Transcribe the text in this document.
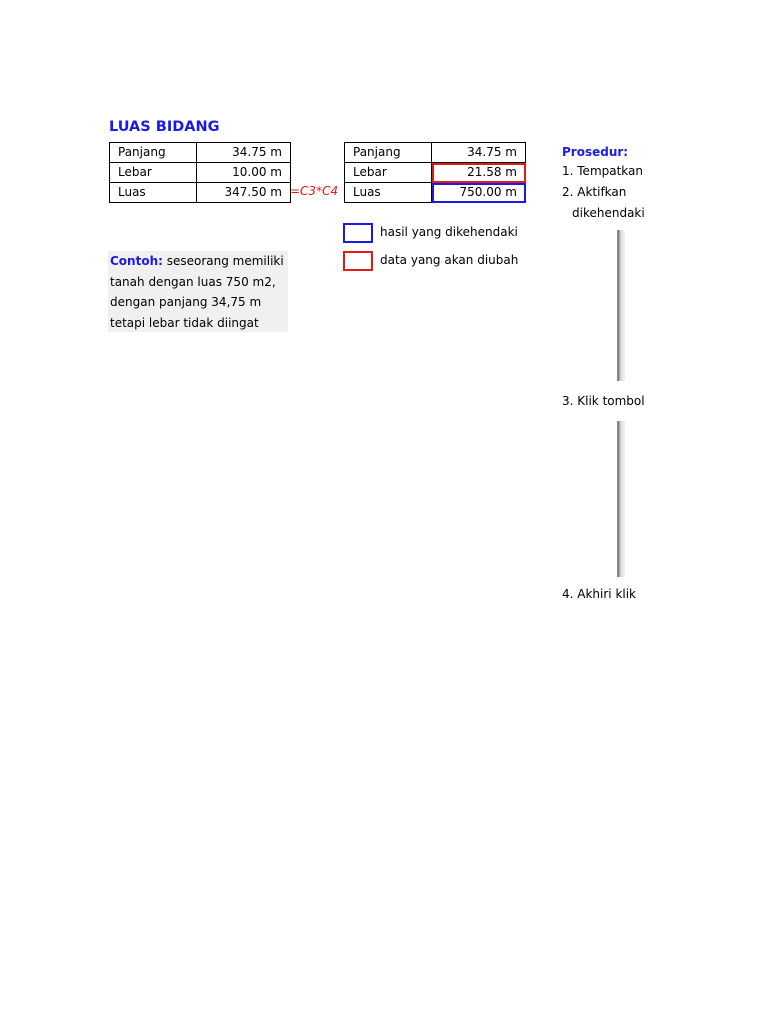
LUAS BIDANG
Panjang	34.75 m
Lebar	10.00 m
Luas	347.50 m =C3*C4
Panjang	34.75 m
Lebar	21.58 m
Luas	750.00 m
hasil yang dikehendaki
data yang akan diubah
Contoh: seseorang memiliki
tanah dengan luas 750 m2,
dengan panjang 34,75 m
tetapi lebar tidak diingat
Prosedur:
1. Tempatkan
2. Aktifkan
dikehendaki
3. Klik tombol
4. Akhiri klik
